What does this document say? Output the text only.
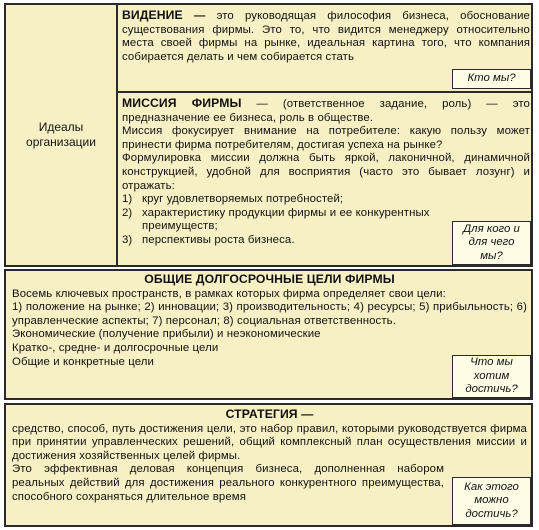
Идеалы
организации

ВИДЕНИЕ — это руководящая философия бизнеса, обоснование существования фирмы. Это то, что видится менеджеру относительно места своей фирмы на рынке, идеальная картина того, что компания собирается делать и чем собирается стать

Кто мы?

МИССИЯ ФИРМЫ — (ответственное задание, роль) — это предназначение ее бизнеса, роль в обществе.

Миссия фокусирует внимание на потребителе: какую пользу может принести фирма потребителям, достигая успеха на рынке?

Формулировка миссии должна быть яркой, лаконичной, динамичной конструкцией, удобной для восприятия (часто это бывает лозунг) и отражать:

1) круг удовлетворяемых потребностей;
2) характеристику продукции фирмы и ее конкурентных преимуществ;
3) перспективы роста бизнеса.
Для кого и для чего мы?

ОБЩИЕ ДОЛГОСРОЧНЫЕ ЦЕЛИ ФИРМЫ

Восемь ключевых пространств, в рамках которых фирма определяет свои цели:

1) положение на рынке; 2) инновации; 3) производительность; 4) ресурсы; 5) прибыльность; 6) управленческие аспекты; 7) персонал; 8) социальная ответственность.

Экономические (получение прибыли) и неэкономические

Кратко-, средне- и долгосрочные цели

Общие и конкретные цели	Что мы хотим достичь?

СТРАТЕГИЯ —

средство, способ, путь достижения цели, это набор правил, которыми руководствуется фирма при принятии управленческих решений, общий комплексный план осуществления миссии и достижения хозяйственных целей фирмы.

Это эффективная деловая концепция бизнеса, дополненная набором реальных действий для достижения реального конкурентного преимущества, способного сохраняться длительное время

Как этого можно достичь?
